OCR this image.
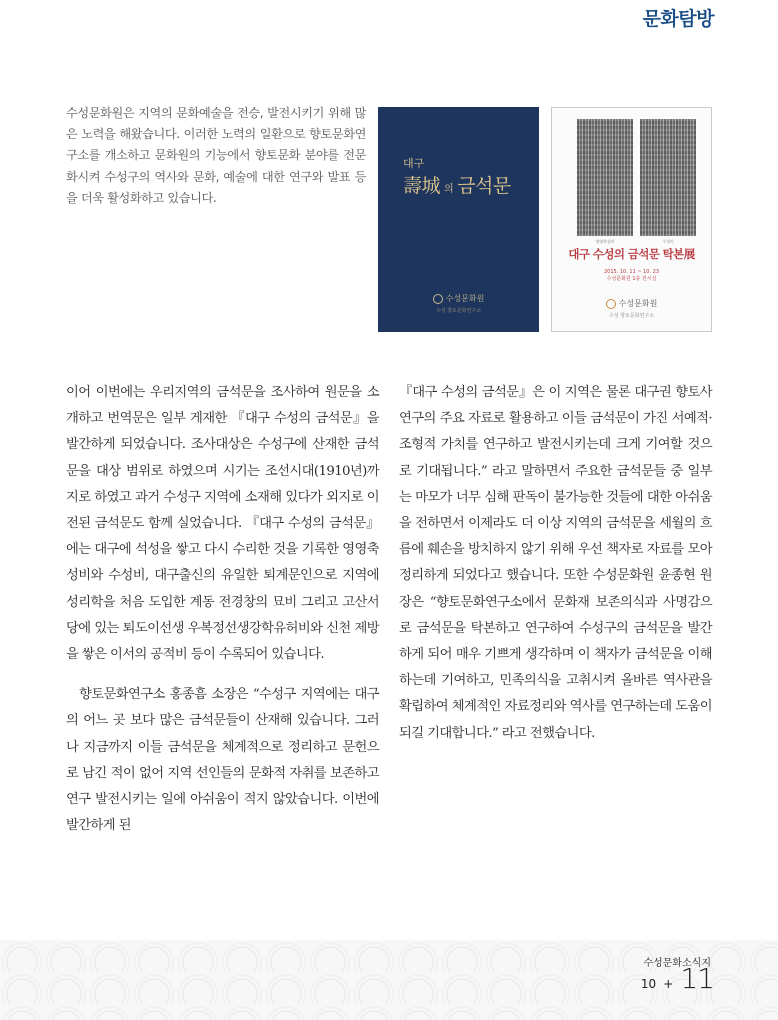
문화탐방
수성문화원은 지역의 문화예술을 전승, 발전시키기 위해 많은 노력을 해왔습니다. 이러한 노력의 일환으로 향토문화연구소를 개소하고 문화원의 기능에서 향토문화 분야를 전문화시켜 수성구의 역사와 문화, 예술에 대한 연구와 발표 등을 더욱 활성화하고 있습니다.
대구
壽城 의 금석문
수성문화원
수성 향토문화연구소
영영축성비	수성비
대구 수성의 금석문 탁본展
2015. 10. 11 ~ 10. 23
수성문화원 1층 전시실
수성문화원
수성 향토문화연구소

이어 이번에는 우리지역의 금석문을 조사하여 원문을 소개하고 번역문은 일부 게재한 『대구 수성의 금석문』을 발간하게 되었습니다. 조사대상은 수성구에 산재한 금석문을 대상 범위로 하였으며 시기는 조선시대(1910년)까지로 하였고 과거 수성구 지역에 소재해 있다가 외지로 이전된 금석문도 함께 실었습니다. 『대구 수성의 금석문』에는 대구에 석성을 쌓고 다시 수리한 것을 기록한 영영축성비와 수성비, 대구출신의 유일한 퇴계문인으로 지역에 성리학을 처음 도입한 계동 전경창의 묘비 그리고 고산서당에 있는 퇴도이선생 우복정선생강학유허비와 신천 제방을 쌓은 이서의 공적비 등이 수록되어 있습니다.

향토문화연구소 홍종흠 소장은 “수성구 지역에는 대구의 어느 곳 보다 많은 금석문들이 산재해 있습니다. 그러나 지금까지 이들 금석문을 체계적으로 정리하고 문헌으로 남긴 적이 없어 지역 선인들의 문화적 자취를 보존하고 연구 발전시키는 일에 아쉬움이 적지 않았습니다. 이번에 발간하게 된

『대구 수성의 금석문』은 이 지역은 물론 대구권 향토사 연구의 주요 자료로 활용하고 이들 금석문이 가진 서예적·조형적 가치를 연구하고 발전시키는데 크게 기여할 것으로 기대됩니다.” 라고 말하면서 주요한 금석문들 중 일부는 마모가 너무 심해 판독이 불가능한 것들에 대한 아쉬움을 전하면서 이제라도 더 이상 지역의 금석문을 세월의 흐름에 훼손을 방치하지 않기 위해 우선 책자로 자료를 모아 정리하게 되었다고 했습니다. 또한 수성문화원 윤종현 원장은 “향토문화연구소에서 문화재 보존의식과 사명감으로 금석문을 탁본하고 연구하여 수성구의 금석문을 발간하게 되어 매우 기쁘게 생각하며 이 책자가 금석문을 이해하는데 기여하고, 민족의식을 고취시켜 올바른 역사관을 확립하여 체계적인 자료정리와 역사를 연구하는데 도움이 되길 기대합니다.” 라고 전했습니다.

수성문화소식지
10 + 11
